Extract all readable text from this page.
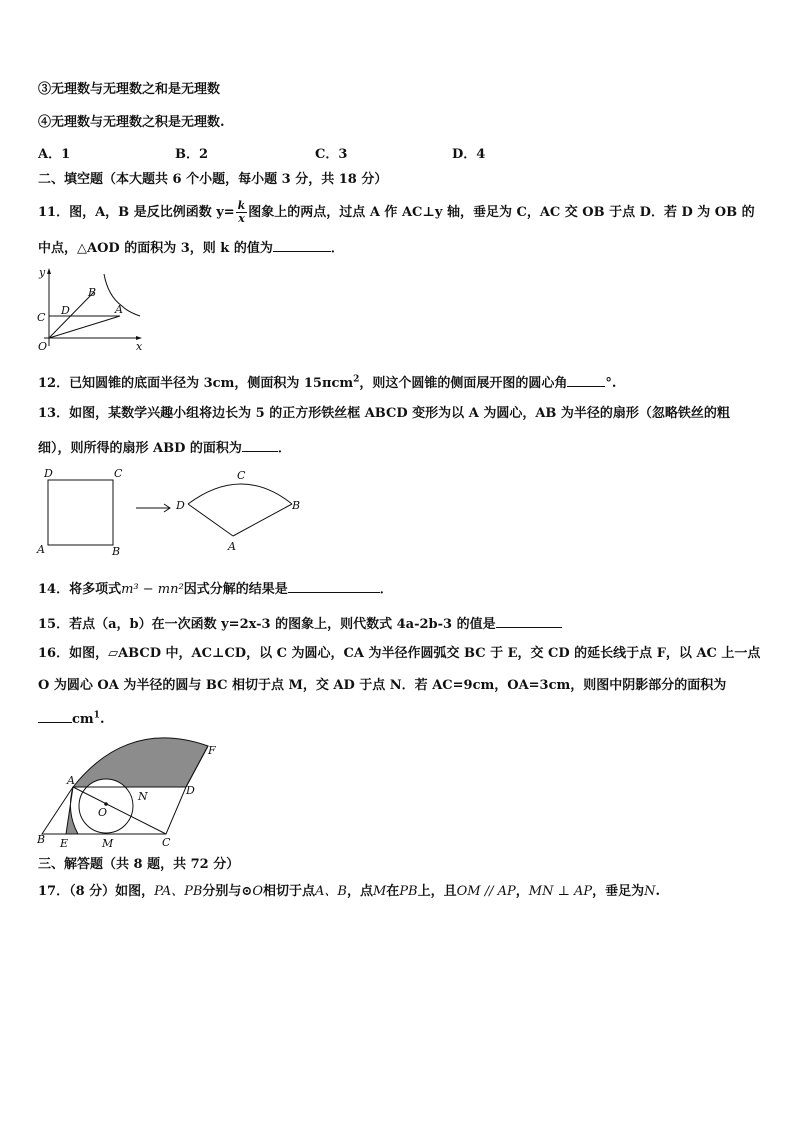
③无理数与无理数之和是无理数
④无理数与无理数之积是无理数.
A．1	B．2	C．3	D．4
二、填空题（本大题共 6 个小题，每小题 3 分，共 18 分）
11．图，A，B 是反比例函数 $y= \frac{k}{x}$ 图象上的两点，过点 A 作 AC⊥y 轴，垂足为 C，AC 交 OB 于点 D．若 D 为 OB 的
中点，△AOD 的面积为 3，则 k 的值为	．
y
x
O
C
D
B
A
12．已知圆锥的底面半径为 3cm，侧面积为 15πcm$^2$，则这个圆锥的侧面展开图的圆心角	°.
13．如图，某数学兴趣小组将边长为 5 的正方形铁丝框 ABCD 变形为以 A 为圆心，AB 为半径的扇形（忽略铁丝的粗
细），则所得的扇形 ABD 的面积为	．
D	C
A	B
D
C
B
A
14．将多项式m³ − mn²因式分解的结果是	．
15．若点（a，b）在一次函数 y=2x-3 的图象上，则代数式 4a-2b-3 的值是
16．如图，▱ABCD 中，AC⊥CD，以 C 为圆心，CA 为半径作圆弧交 BC 于 E，交 CD 的延长线于点 F，以 AC 上一点
O 为圆心 OA 为半径的圆与 BC 相切于点 M，交 AD 于点 N．若 AC=9cm，OA=3cm，则图中阴影部分的面积为
$cm^1$.
A
B	C
D
E
F
M
N
O
三、解答题（共 8 题，共 72 分）
17．（8 分）如图，PA、PB分别与⊙O相切于点A、B，点M在PB上，且OM // AP，MN ⊥ AP，垂足为N.
